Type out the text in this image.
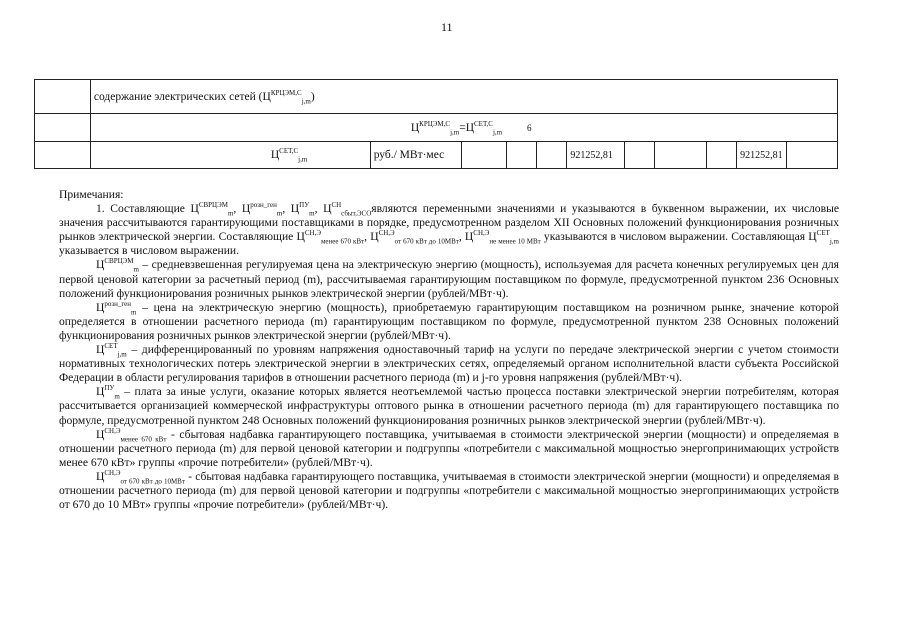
11
	содержание электрических сетей $(Ц^{КРЦЭМ,С}_{j,m})$										
	$Ц^{КРЦЭМ,С}_{j,m}=Ц^{СЕТ,С}_{j,m}$ 6										
	$Ц^{СЕТ,С}_{j,m}$	руб./ МВт·мес				921252,81				921252,81	

Примечания:

1. Составляющие $Ц^{СВРЦЭМ}_m$, $Ц^{розн\_ген}_m$, $Ц^{ПУ}_m$, $Ц^{СН}_{сбыт,ЭСО}являются$ переменными значениями и указываются в буквенном выражении, их числовые значения рассчитываются гарантирующими поставщиками в порядке, предусмотренном разделом XII Основных положений функционирования розничных рынков электрической энергии. Составляющие $Ц^{СН,Э}_{менее 670 кВт}$, $Ц^{СН,Э}_{от 670 кВт до 10МВт}$, $Ц^{СН,Э}_{не менее 10 МВт}$ указываются в числовом выражении. Составляющая $Ц^{СЕТ}_{j,m}$ указывается в числовом выражении.

$Ц^{СВРЦЭМ}_m$ – средневзвешенная регулируемая цена на электрическую энергию (мощность), используемая для расчета конечных регулируемых цен для первой ценовой категории за расчетный период (m), рассчитываемая гарантирующим поставщиком по формуле, предусмотренной пунктом 236 Основных положений функционирования розничных рынков электрической энергии (рублей/МВт·ч).

$Ц^{розн\_ген}_m$ – цена на электрическую энергию (мощность), приобретаемую гарантирующим поставщиком на розничном рынке, значение которой определяется в отношении расчетного периода (m) гарантирующим поставщиком по формуле, предусмотренной пунктом 238 Основных положений функционирования розничных рынков электрической энергии (рублей/МВт·ч).

$Ц^{СЕТ}_{j,m}$ – дифференцированный по уровням напряжения одноставочный тариф на услуги по передаче электрической энергии с учетом стоимости нормативных технологических потерь электрической энергии в электрических сетях, определяемый органом исполнительной власти субъекта Российской Федерации в области регулирования тарифов в отношении расчетного периода (m) и j-го уровня напряжения (рублей/МВт·ч).

$Ц^{ПУ}_m$ – плата за иные услуги, оказание которых является неотъемлемой частью процесса поставки электрической энергии потребителям, которая рассчитывается организацией коммерческой инфраструктуры оптового рынка в отношении расчетного периода (m) для гарантирующего поставщика по формуле, предусмотренной пунктом 248 Основных положений функционирования розничных рынков электрической энергии (рублей/МВт·ч).

$Ц^{СН,Э}_{менее 670 кВт}$ - сбытовая надбавка гарантирующего поставщика, учитываемая в стоимости электрической энергии (мощности) и определяемая в отношении расчетного периода (m) для первой ценовой категории и подгруппы «потребители с максимальной мощностью энергопринимающих устройств менее 670 кВт» группы «прочие потребители» (рублей/МВт·ч).

$Ц^{СН,Э}_{от 670 кВт до 10МВт}$ - сбытовая надбавка гарантирующего поставщика, учитываемая в стоимости электрической энергии (мощности) и определяемая в отношении расчетного периода (m) для первой ценовой категории и подгруппы «потребители с максимальной мощностью энергопринимающих устройств от 670 до 10 МВт» группы «прочие потребители» (рублей/МВт·ч).
